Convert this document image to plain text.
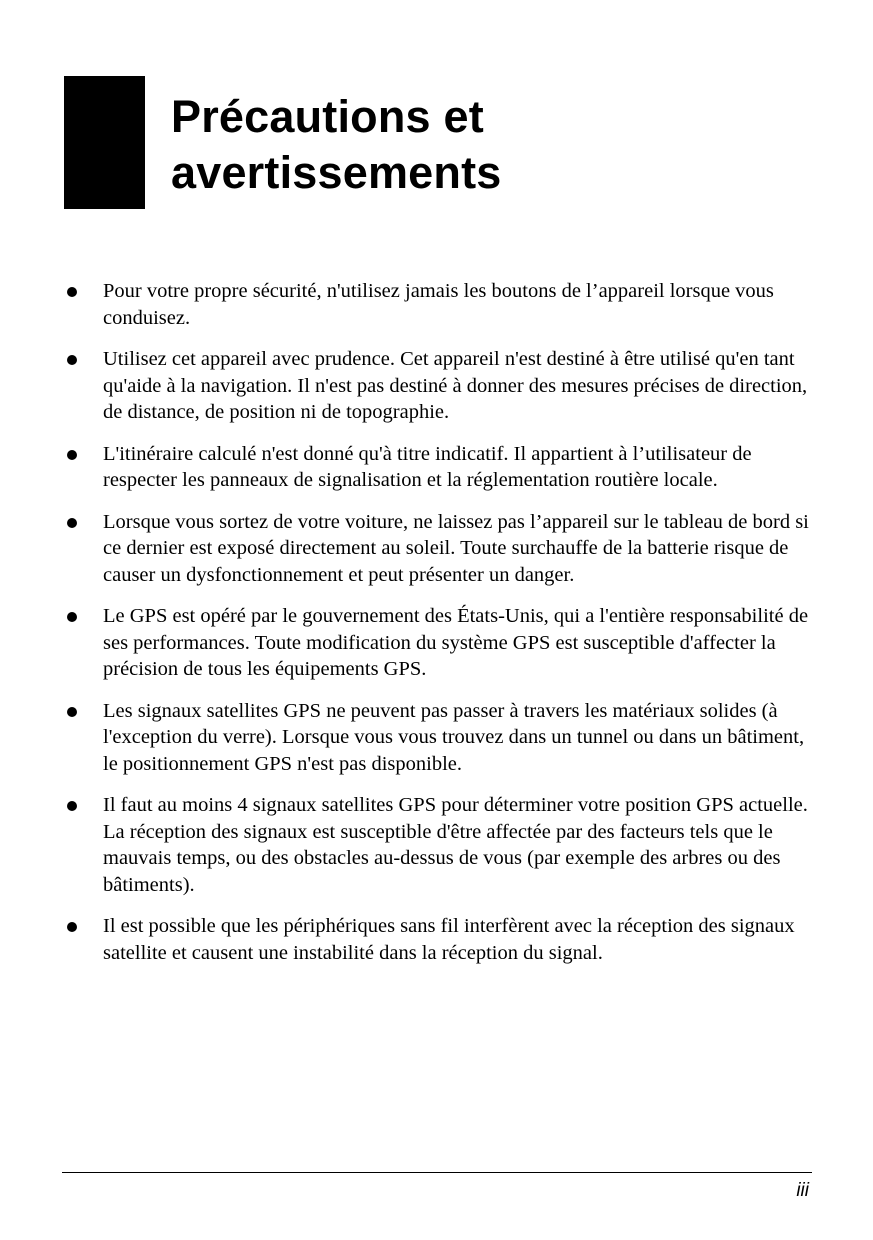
Précautions et
avertissements
Pour votre propre sécurité, n'utilisez jamais les boutons de l’appareil lorsque vous conduisez.
Utilisez cet appareil avec prudence. Cet appareil n'est destiné à être utilisé qu'en tant qu'aide à la navigation. Il n'est pas destiné à donner des mesures précises de direction, de distance, de position ni de topographie.
L'itinéraire calculé n'est donné qu'à titre indicatif. Il appartient à l’utilisateur de respecter les panneaux de signalisation et la réglementation routière locale.
Lorsque vous sortez de votre voiture, ne laissez pas l’appareil sur le tableau de bord si ce dernier est exposé directement au soleil. Toute surchauffe de la batterie risque de causer un dysfonctionnement et peut présenter un danger.
Le GPS est opéré par le gouvernement des États-Unis, qui a l'entière responsabilité de ses performances. Toute modification du système GPS est susceptible d'affecter la précision de tous les équipements GPS.
Les signaux satellites GPS ne peuvent pas passer à travers les matériaux solides (à l'exception du verre). Lorsque vous vous trouvez dans un tunnel ou dans un bâtiment, le positionnement GPS n'est pas disponible.
Il faut au moins 4 signaux satellites GPS pour déterminer votre position GPS actuelle. La réception des signaux est susceptible d'être affectée par des facteurs tels que le mauvais temps, ou des obstacles au-dessus de vous (par exemple des arbres ou des bâtiments).
Il est possible que les périphériques sans fil interfèrent avec la réception des signaux satellite et causent une instabilité dans la réception du signal.
iii
